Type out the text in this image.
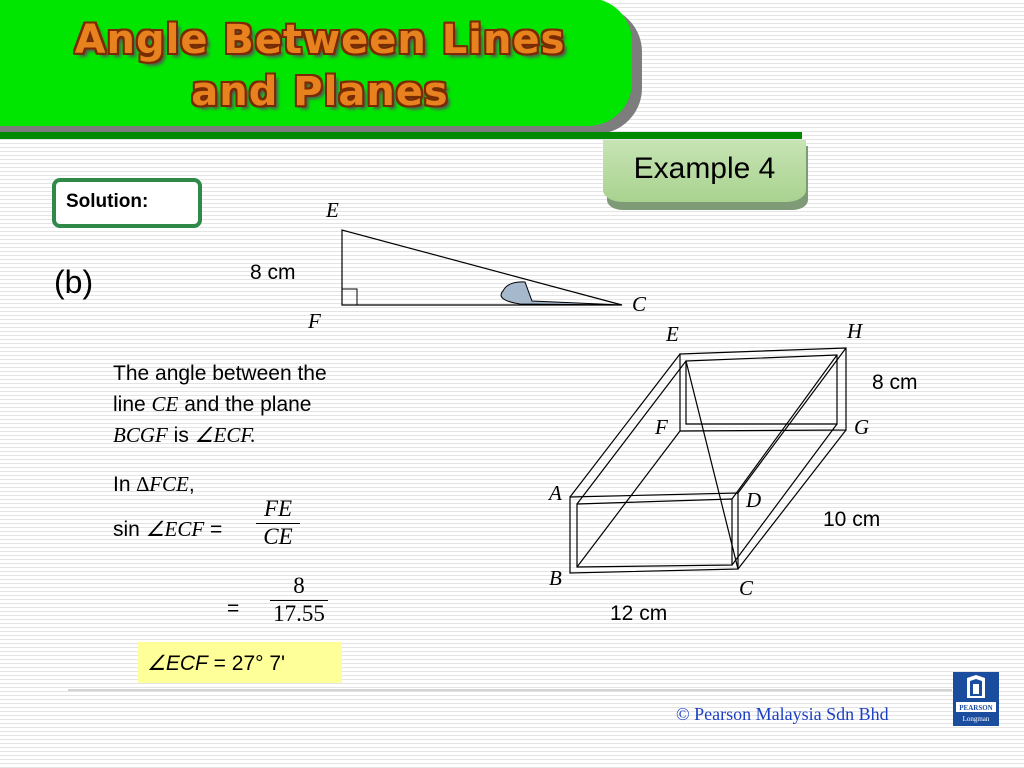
Angle Between Lines
and Planes
Example 4
Solution:
(b)
E
F
C
8 cm
E	H
F	G
A	D
B	C
8 cm
10 cm
12 cm
The angle between the
line CE and the plane
BCGF is ∠ECF.
In ∆FCE,
sin ∠ECF = $\frac{FE}{CE}$
= $\frac{8}{17.55}$
∠ECF = 27° 7'
© Pearson Malaysia Sdn Bhd	PEARSON
Longman
